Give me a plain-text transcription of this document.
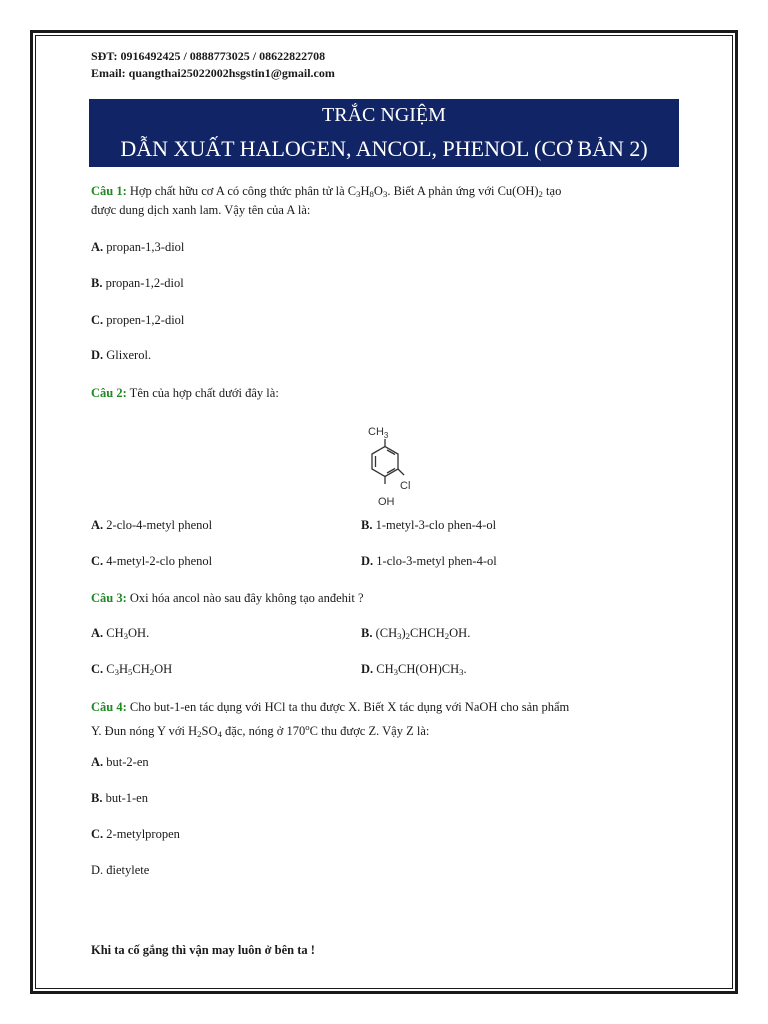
SĐT: 0916492425 / 0888773025 / 08622822708
Email: quangthai25022002hsgstin1@gmail.com
TRẮC NGIỆM
DẪN XUẤT HALOGEN, ANCOL, PHENOL (CƠ BẢN 2)
Câu 1: Hợp chất hữu cơ A có công thức phân tử là $C_3H_8O_3$. Biết A phản ứng với $Cu(OH)_2$ tạo
được dung dịch xanh lam. Vậy tên của A là:
A. propan-1,3-diol
B. propan-1,2-diol
C. propen-1,2-diol
D. Glixerol.
Câu 2: Tên của hợp chất dưới đây là:
$CH_3$
Cl
OH
A. 2-clo-4-metyl phenol	B. 1-metyl-3-clo phen-4-ol
C. 4-metyl-2-clo phenol	D. 1-clo-3-metyl phen-4-ol
Câu 3: Oxi hóa ancol nào sau đây không tạo anđehit ?
A. $CH_3OH$.	B. $(CH_3)_2CHCH_2OH$.
C. $C_3H_5CH_2OH$	D. $CH_3CH(OH)CH_3$.
Câu 4: Cho but-1-en tác dụng với HCl ta thu được X. Biết X tác dụng với NaOH cho sản phẩm
Y. Đun nóng Y với $H_2SO_4$ đặc, nóng ở 170$^o$C thu được Z. Vậy Z là:
A. but-2-en
B. but-1-en
C. 2-metylpropen
D. đietylete
Khi ta cố gắng thì vận may luôn ở bên ta !
